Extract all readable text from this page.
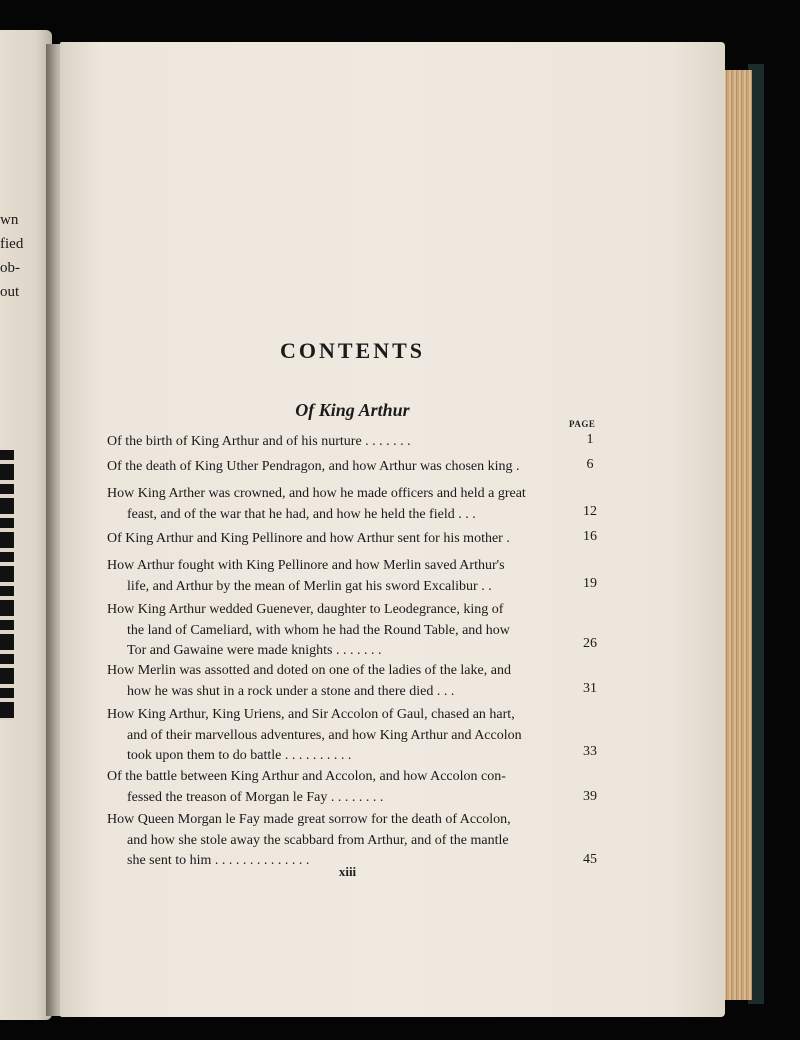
wn
fied
ob-
out
CONTENTS
Of King Arthur
PAGE
Of the birth of King Arthur and of his nurture . . . . . . .	1
Of the death of King Uther Pendragon, and how Arthur was chosen king .	6
How King Arther was crowned, and how he made officers and held a great
feast, and of the war that he had, and how he held the field . . .	12
Of King Arthur and King Pellinore and how Arthur sent for his mother .	16
How Arthur fought with King Pellinore and how Merlin saved Arthur's
life, and Arthur by the mean of Merlin gat his sword Excalibur . .	19
How King Arthur wedded Guenever, daughter to Leodegrance, king of
the land of Cameliard, with whom he had the Round Table, and how
Tor and Gawaine were made knights . . . . . . .	26
How Merlin was assotted and doted on one of the ladies of the lake, and
how he was shut in a rock under a stone and there died . . .	31
How King Arthur, King Uriens, and Sir Accolon of Gaul, chased an hart,
and of their marvellous adventures, and how King Arthur and Accolon
took upon them to do battle . . . . . . . . . .	33
Of the battle between King Arthur and Accolon, and how Accolon con-
fessed the treason of Morgan le Fay . . . . . . . .	39
How Queen Morgan le Fay made great sorrow for the death of Accolon,
and how she stole away the scabbard from Arthur, and of the mantle
she sent to him . . . . . . . . . . . . . .	45
xiii
